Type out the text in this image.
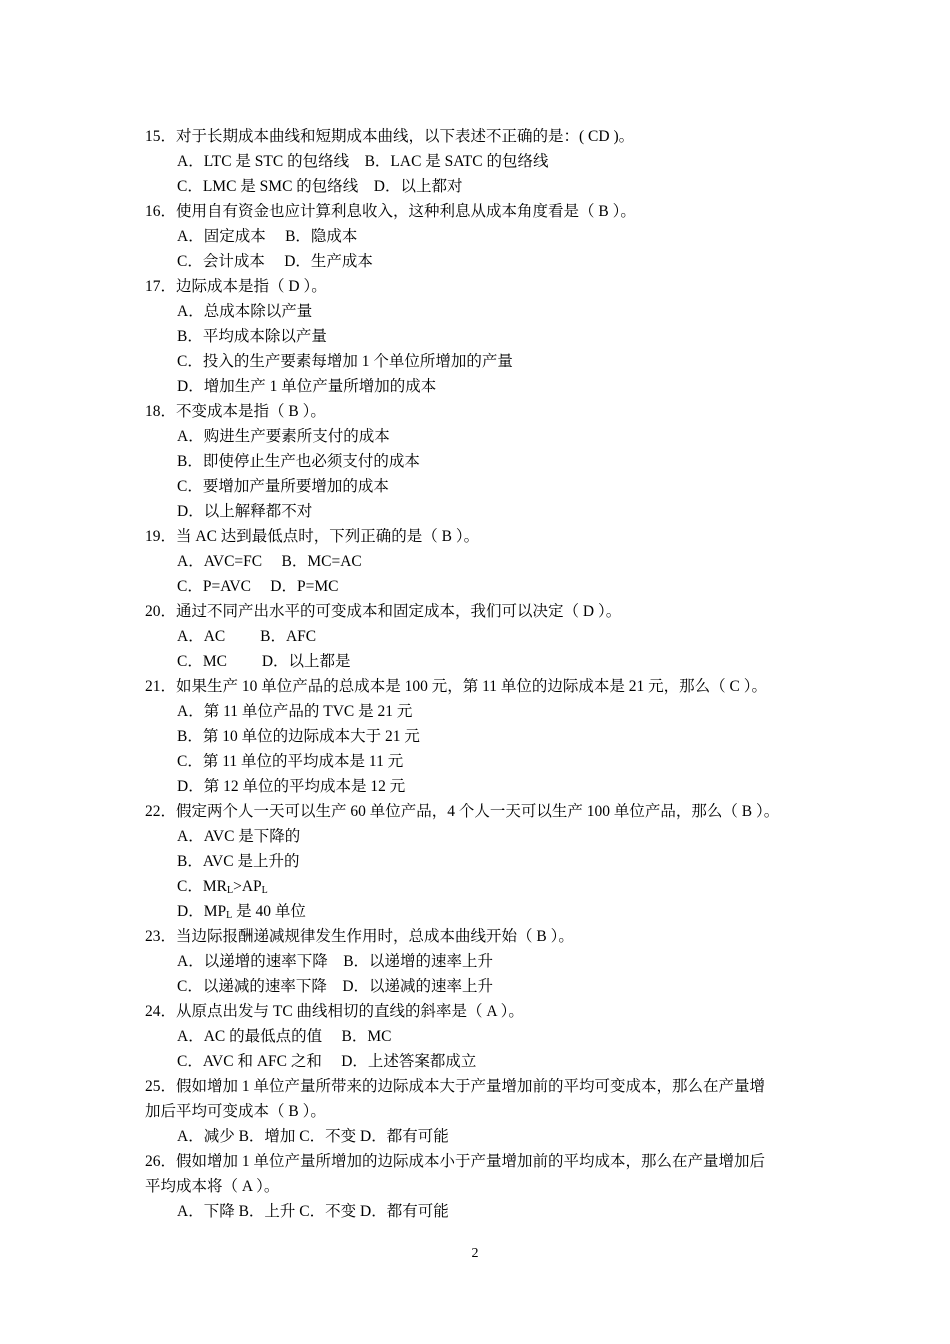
15．对于长期成本曲线和短期成本曲线，以下表述不正确的是：( CD )。
A．LTC 是 STC 的包络线　B．LAC 是 SATC 的包络线
C．LMC 是 SMC 的包络线　D．以上都对
16．使用自有资金也应计算利息收入，这种利息从成本角度看是（ B ）。
A．固定成本　 B．隐成本
C．会计成本　 D．生产成本
17．边际成本是指（ D ）。
A．总成本除以产量
B．平均成本除以产量
C．投入的生产要素每增加 1 个单位所增加的产量
D．增加生产 1 单位产量所增加的成本
18．不变成本是指（ B ）。
A．购进生产要素所支付的成本
B．即使停止生产也必须支付的成本
C．要增加产量所要增加的成本
D．以上解释都不对
19．当 AC 达到最低点时，下列正确的是（ B ）。
A．AVC=FC　 B．MC=AC
C．P=AVC　 D．P=MC
20．通过不同产出水平的可变成本和固定成本，我们可以决定（ D ）。
A．AC　　 B．AFC
C．MC　　 D．以上都是
21．如果生产 10 单位产品的总成本是 100 元，第 11 单位的边际成本是 21 元，那么（ C ）。
A．第 11 单位产品的 TVC 是 21 元
B．第 10 单位的边际成本大于 21 元
C．第 11 单位的平均成本是 11 元
D．第 12 单位的平均成本是 12 元
22．假定两个人一天可以生产 60 单位产品，4 个人一天可以生产 100 单位产品，那么（ B ）。
A．AVC 是下降的
B．AVC 是上升的
C．$MR_L>AP_L$
D．$MP_L$ 是 40 单位
23．当边际报酬递减规律发生作用时，总成本曲线开始（ B ）。
A．以递增的速率下降　B．以递增的速率上升
C．以递减的速率下降　D．以递减的速率上升
24．从原点出发与 TC 曲线相切的直线的斜率是（ A ）。
A．AC 的最低点的值　 B．MC
C．AVC 和 AFC 之和　 D．上述答案都成立
25．假如增加 1 单位产量所带来的边际成本大于产量增加前的平均可变成本，那么在产量增
加后平均可变成本（ B ）。
A．减少 B．增加 C．不变 D．都有可能
26．假如增加 1 单位产量所增加的边际成本小于产量增加前的平均成本，那么在产量增加后
平均成本将（ A ）。
A．下降 B．上升 C．不变 D．都有可能
2
